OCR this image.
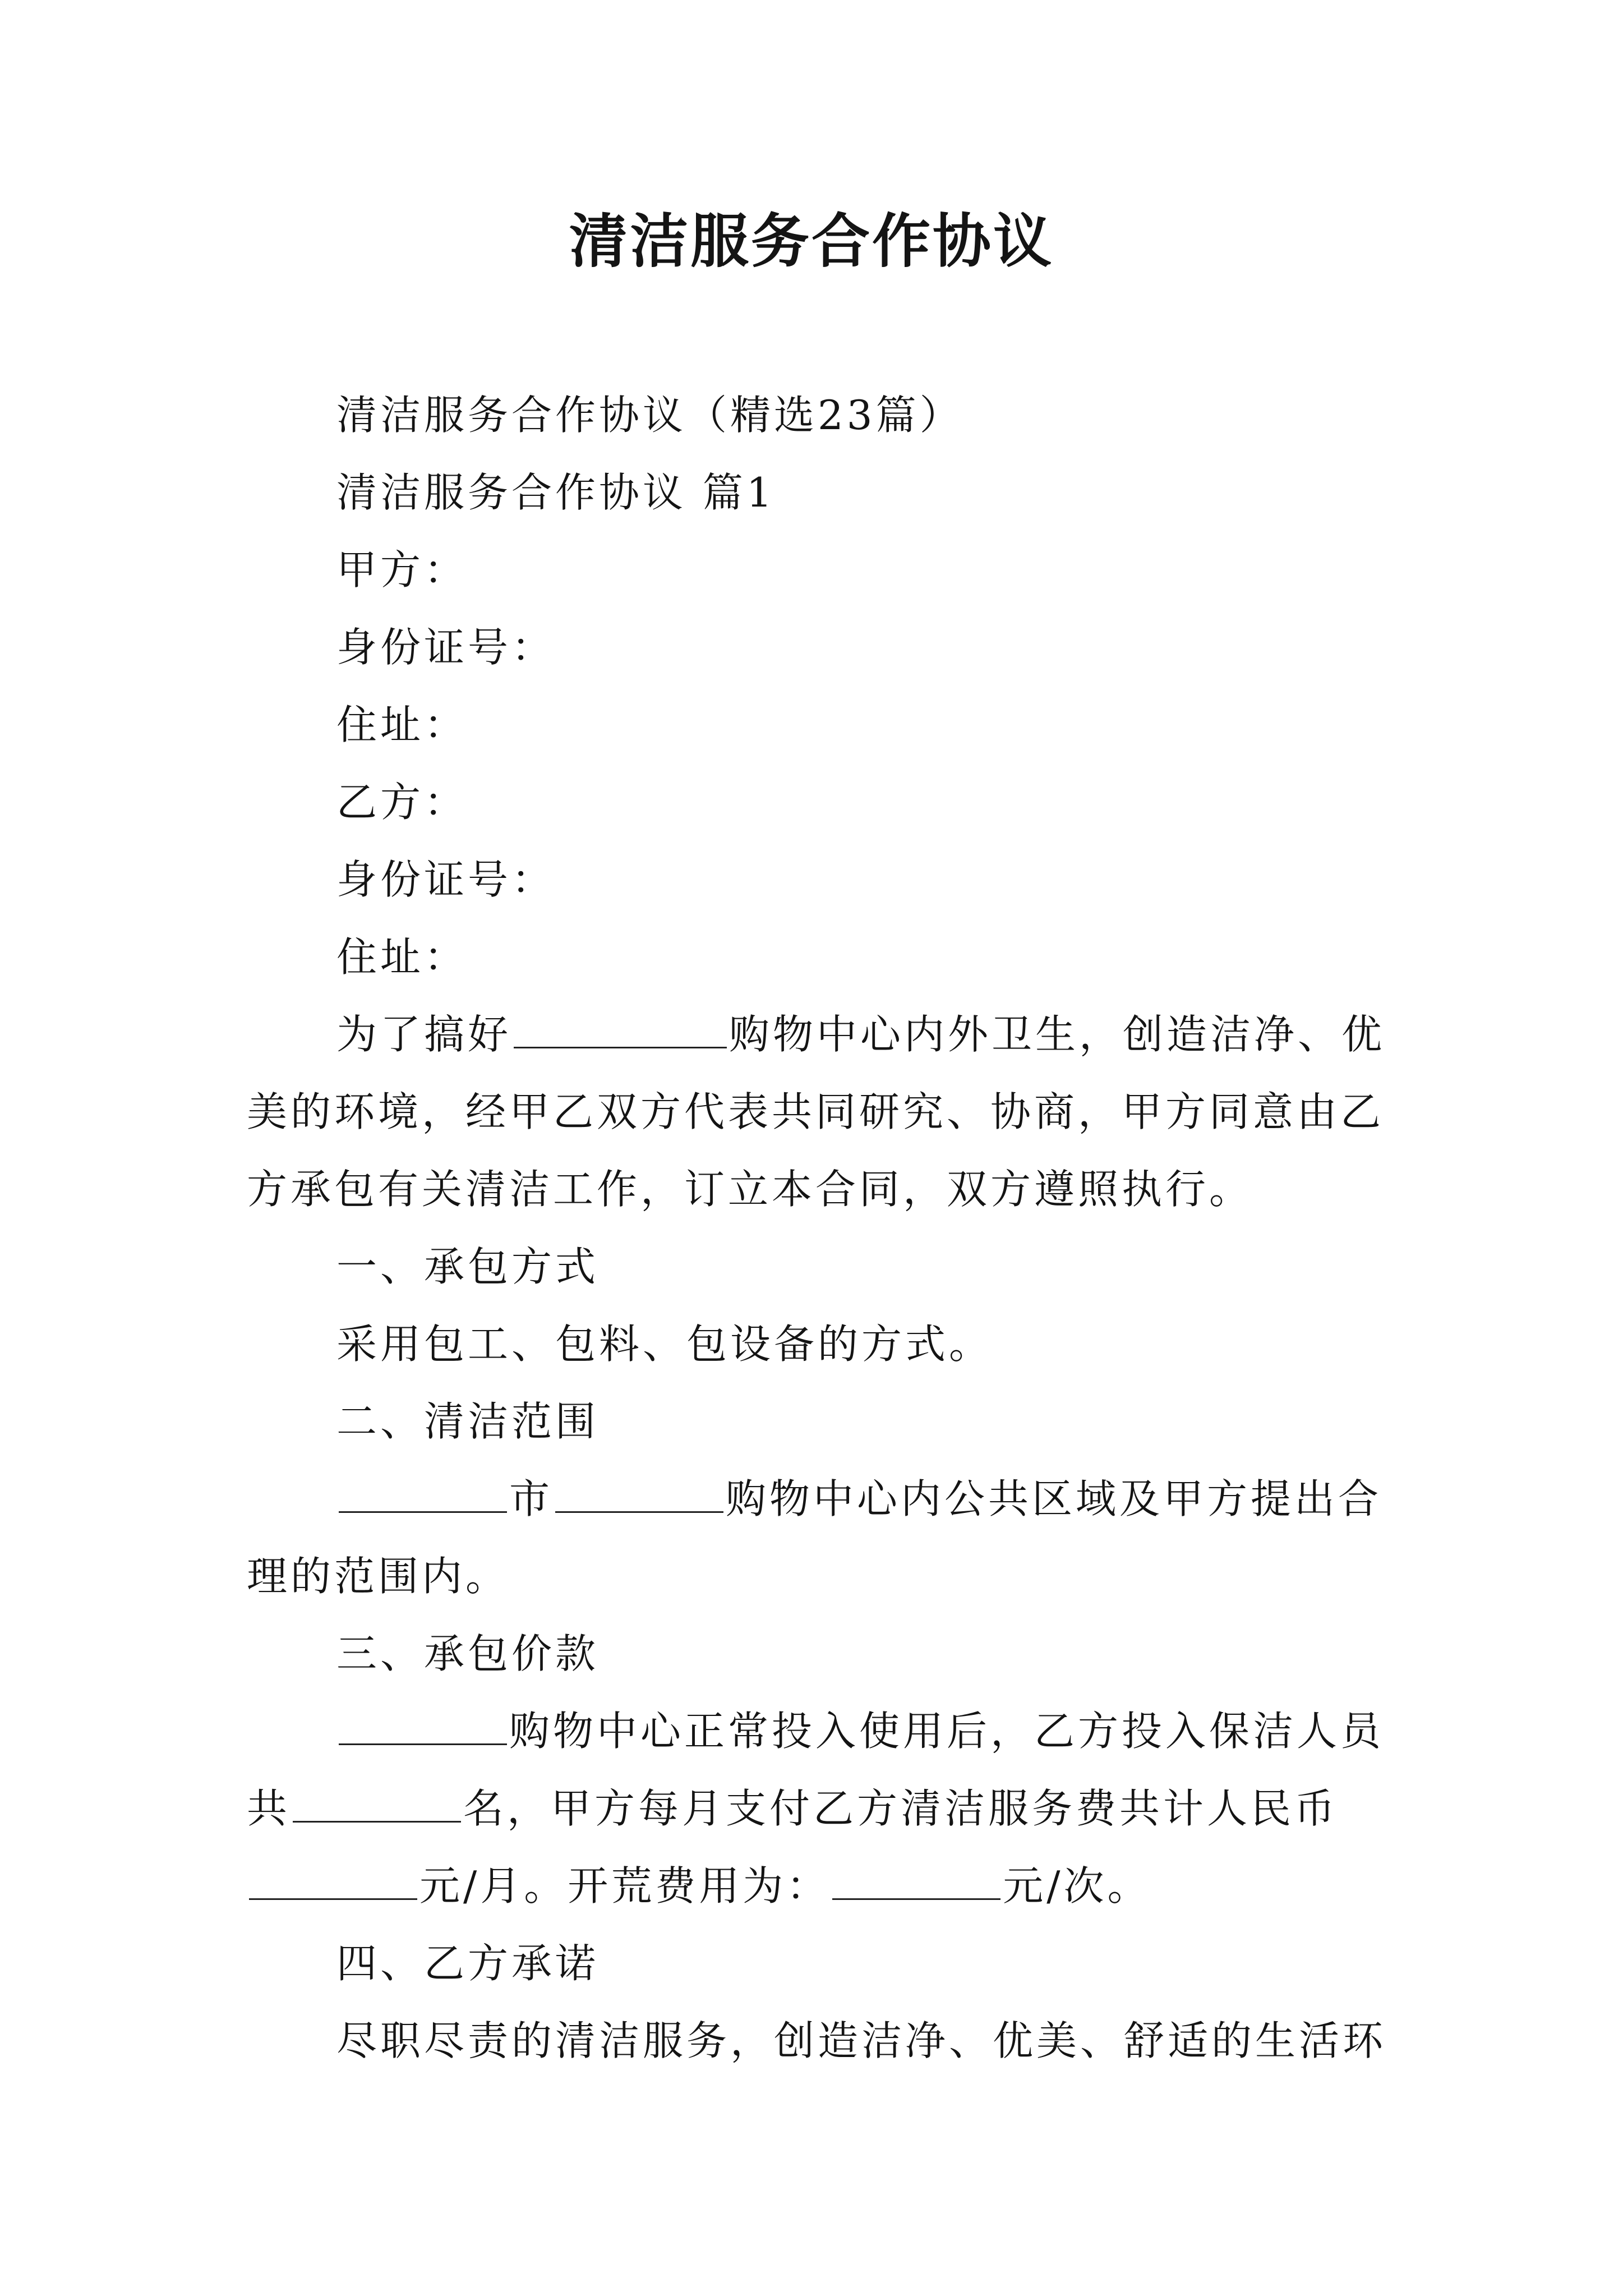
清洁服务合作协议
清洁服务合作协议（精选23篇）
清洁服务合作协议 篇1
甲方：
身份证号：
住址：
乙方：
身份证号：
住址：
为了搞好	购物中心内外卫生，创造洁净、优
美的环境，经甲乙双方代表共同研究、协商，甲方同意由乙
方承包有关清洁工作，订立本合同，双方遵照执行。
一、承包方式
采用包工、包料、包设备的方式。
二、清洁范围
市	购物中心内公共区域及甲方提出合
理的范围内。
三、承包价款
购物中心正常投入使用后，乙方投入保洁人员
共	名，甲方每月支付乙方清洁服务费共计人民币
元/月。开荒费用为：	元/次。
四、乙方承诺
尽职尽责的清洁服务，创造洁净、优美、舒适的生活环
